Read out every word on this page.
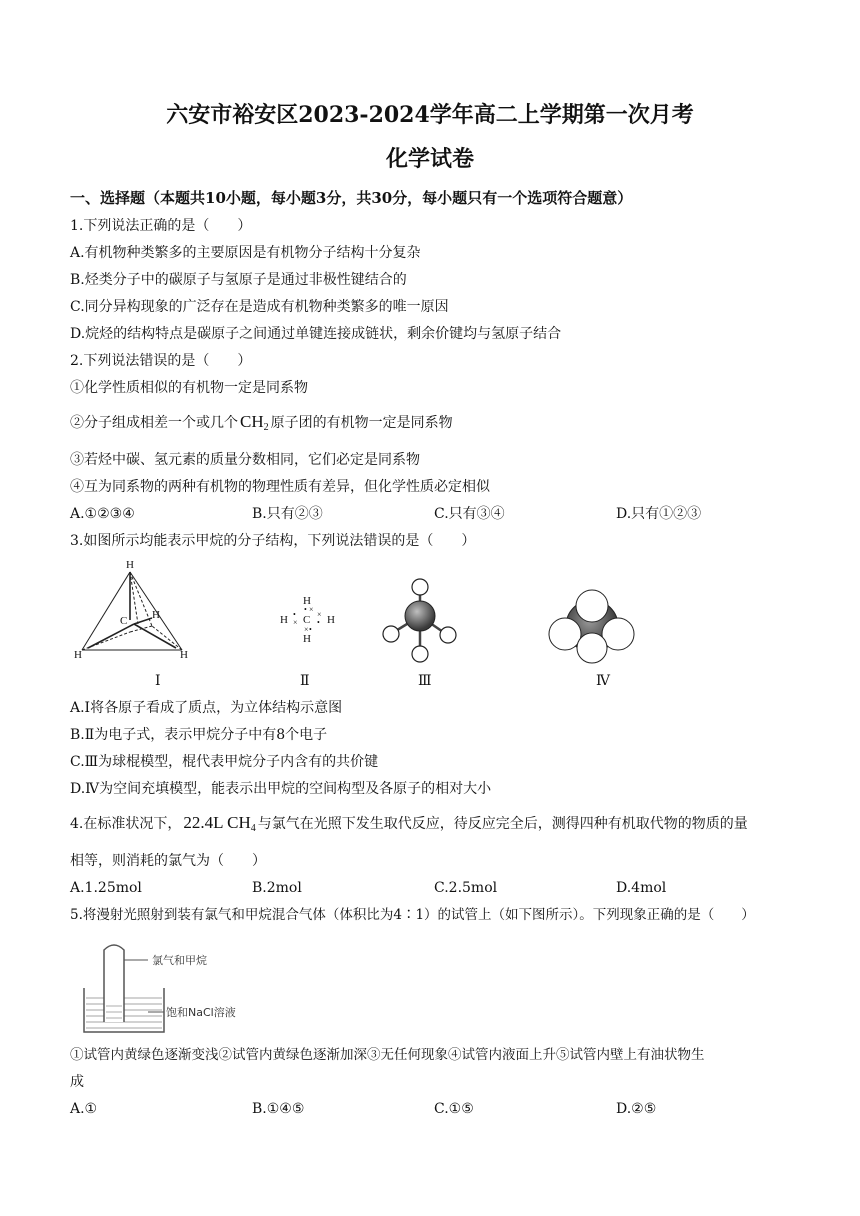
六安市裕安区2023-2024学年高二上学期第一次月考
化学试卷
一、选择题（本题共10小题，每小题3分，共30分，每小题只有一个选项符合题意）
1.下列说法正确的是（　　）
A.有机物种类繁多的主要原因是有机物分子结构十分复杂
B.烃类分子中的碳原子与氢原子是通过非极性键结合的
C.同分异构现象的广泛存在是造成有机物种类繁多的唯一原因
D.烷烃的结构特点是碳原子之间通过单键连接成链状，剩余价键均与氢原子结合
2.下列说法错误的是（　　）
①化学性质相似的有机物一定是同系物
②分子组成相差一个或几个 $CH_2$ 原子团的有机物一定是同系物
③若烃中碳、氢元素的质量分数相同，它们必定是同系物
④互为同系物的两种有机物的物理性质有差异，但化学性质必定相似
A.①②③④	B.只有②③	C.只有③④	D.只有①②③
3.如图所示均能表示甲烷的分子结构，下列说法错误的是（　　）
H
C H
H	H
H
C
H
H	H
• ×
× •
•
×
×
•
Ⅰ	Ⅱ	Ⅲ	Ⅳ
A.Ⅰ将各原子看成了质点，为立体结构示意图
B.Ⅱ为电子式，表示甲烷分子中有8个电子
C.Ⅲ为球棍模型，棍代表甲烷分子内含有的共价键
D.Ⅳ为空间充填模型，能表示出甲烷的空间构型及各原子的相对大小
4.在标准状况下， 22.4L $CH_4$ 与氯气在光照下发生取代反应，待反应完全后，测得四种有机取代物的物质的量
相等，则消耗的氯气为（　　）
A.1.25mol	B.2mol	C.2.5mol	D.4mol
5.将漫射光照射到装有氯气和甲烷混合气体（体积比为4∶1）的试管上（如下图所示）。下列现象正确的是（　　）
氯气和甲烷
饱和NaCl溶液
①试管内黄绿色逐渐变浅②试管内黄绿色逐渐加深③无任何现象④试管内液面上升⑤试管内壁上有油状物生
成
A.①	B.①④⑤	C.①⑤	D.②⑤
